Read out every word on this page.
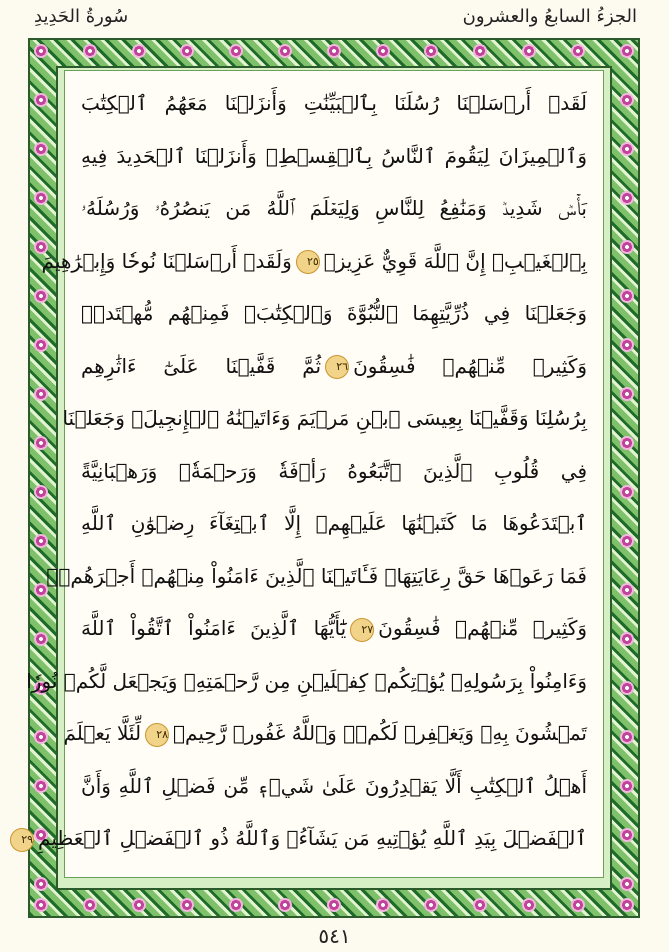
الجزءُ السابعُ والعشرون
سُورةُ الحَدِيدِ
لَقَدۡ أَرۡسَلۡنَا رُسُلَنَا بِٱلۡبَيِّنَٰتِ وَأَنزَلۡنَا مَعَهُمُ ٱلۡكِتَٰبَ
وَٱلۡمِيزَانَ لِيَقُومَ ٱلنَّاسُ بِٱلۡقِسۡطِۖ وَأَنزَلۡنَا ٱلۡحَدِيدَ فِيهِ
بَأۡسٞ شَدِيدٞ وَمَنَٰفِعُ لِلنَّاسِ وَلِيَعۡلَمَ ٱللَّهُ مَن يَنصُرُهُۥ وَرُسُلَهُۥ
بِٱلۡغَيۡبِۚ إِنَّ ٱللَّهَ قَوِيٌّ عَزِيزٞ٢٥وَلَقَدۡ أَرۡسَلۡنَا نُوحٗا وَإِبۡرَٰهِيمَ
وَجَعَلۡنَا فِي ذُرِّيَّتِهِمَا ٱلنُّبُوَّةَ وَٱلۡكِتَٰبَۖ فَمِنۡهُم مُّهۡتَدٖۖ
وَكَثِيرٞ مِّنۡهُمۡ فَٰسِقُونَ٢٦ثُمَّ قَفَّيۡنَا عَلَىٰٓ ءَاثَٰرِهِم
بِرُسُلِنَا وَقَفَّيۡنَا بِعِيسَى ٱبۡنِ مَرۡيَمَ وَءَاتَيۡنَٰهُ ٱلۡإِنجِيلَۖ وَجَعَلۡنَا
فِي قُلُوبِ ٱلَّذِينَ ٱتَّبَعُوهُ رَأۡفَةٗ وَرَحۡمَةٗۚ وَرَهۡبَانِيَّةً
ٱبۡتَدَعُوهَا مَا كَتَبۡنَٰهَا عَلَيۡهِمۡ إِلَّا ٱبۡتِغَآءَ رِضۡوَٰنِ ٱللَّهِ
فَمَا رَعَوۡهَا حَقَّ رِعَايَتِهَاۖ فَـَٔاتَيۡنَا ٱلَّذِينَ ءَامَنُواْ مِنۡهُمۡ أَجۡرَهُمۡۖ
وَكَثِيرٞ مِّنۡهُمۡ فَٰسِقُونَ٢٧يَٰٓأَيُّهَا ٱلَّذِينَ ءَامَنُواْ ٱتَّقُواْ ٱللَّهَ
وَءَامِنُواْ بِرَسُولِهِۦ يُؤۡتِكُمۡ كِفۡلَيۡنِ مِن رَّحۡمَتِهِۦ وَيَجۡعَل لَّكُمۡ نُورٗا
تَمۡشُونَ بِهِۦ وَيَغۡفِرۡ لَكُمۡۚ وَٱللَّهُ غَفُورٞ رَّحِيمٞ٢٨لِّئَلَّا يَعۡلَمَ
أَهۡلُ ٱلۡكِتَٰبِ أَلَّا يَقۡدِرُونَ عَلَىٰ شَيۡءٖ مِّن فَضۡلِ ٱللَّهِ وَأَنَّ
ٱلۡفَضۡلَ بِيَدِ ٱللَّهِ يُؤۡتِيهِ مَن يَشَآءُۚ وَٱللَّهُ ذُو ٱلۡفَضۡلِ ٱلۡعَظِيمِ٢٩
٥٤١
